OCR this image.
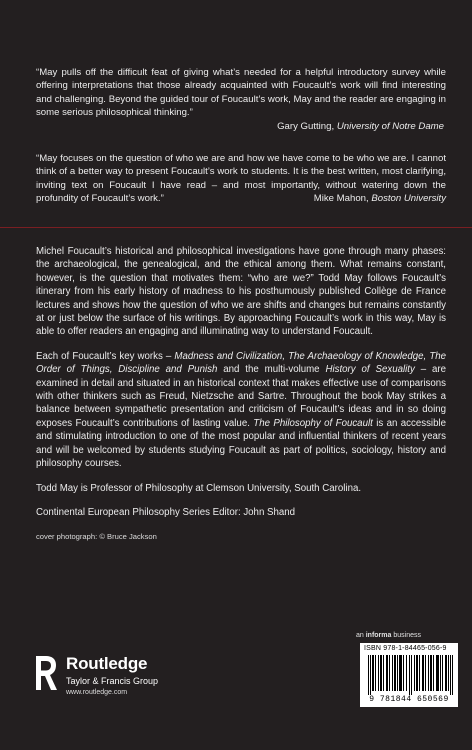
“May pulls off the difficult feat of giving what’s needed for a helpful introductory survey while offering interpretations that those already acquainted with Foucault’s work will find interesting and challenging. Beyond the guided tour of Foucault’s work, May and the reader are engaging in some serious philosophical thinking.”
Gary Gutting, University of Notre Dame
“May focuses on the question of who we are and how we have come to be who we are. I cannot think of a better way to present Foucault’s work to students. It is the best written, most clarifying, inviting text on Foucault I have read – and most importantly, without watering down the profundity of Foucault’s work.”	Mike Mahon, Boston University

Michel Foucault’s historical and philosophical investigations have gone through many phases: the archaeological, the genealogical, and the ethical among them. What remains constant, however, is the question that motivates them: “who are we?” Todd May follows Foucault’s itinerary from his early history of madness to his posthumously published Collège de France lectures and shows how the question of who we are shifts and changes but remains constantly at or just below the surface of his writings. By approaching Foucault’s work in this way, May is able to offer readers an engaging and illuminating way to understand Foucault.

Each of Foucault’s key works – Madness and Civilization, The Archaeology of Knowledge, The Order of Things, Discipline and Punish and the multi-volume History of Sexuality – are examined in detail and situated in an historical context that makes effective use of comparisons with other thinkers such as Freud, Nietzsche and Sartre. Throughout the book May strikes a balance between sympathetic presentation and criticism of Foucault’s ideas and in so doing exposes Foucault’s contributions of lasting value. The Philosophy of Foucault is an accessible and stimulating introduction to one of the most popular and influential thinkers of recent years and will be welcomed by students studying Foucault as part of politics, sociology, history and philosophy courses.

Todd May is Professor of Philosophy at Clemson University, South Carolina.

Continental European Philosophy Series Editor: John Shand

cover photograph: © Bruce Jackson

an informa business
Routledge
Taylor & Francis Group
www.routledge.com
ISBN 978-1-84465-056-9
9 781844 650569
